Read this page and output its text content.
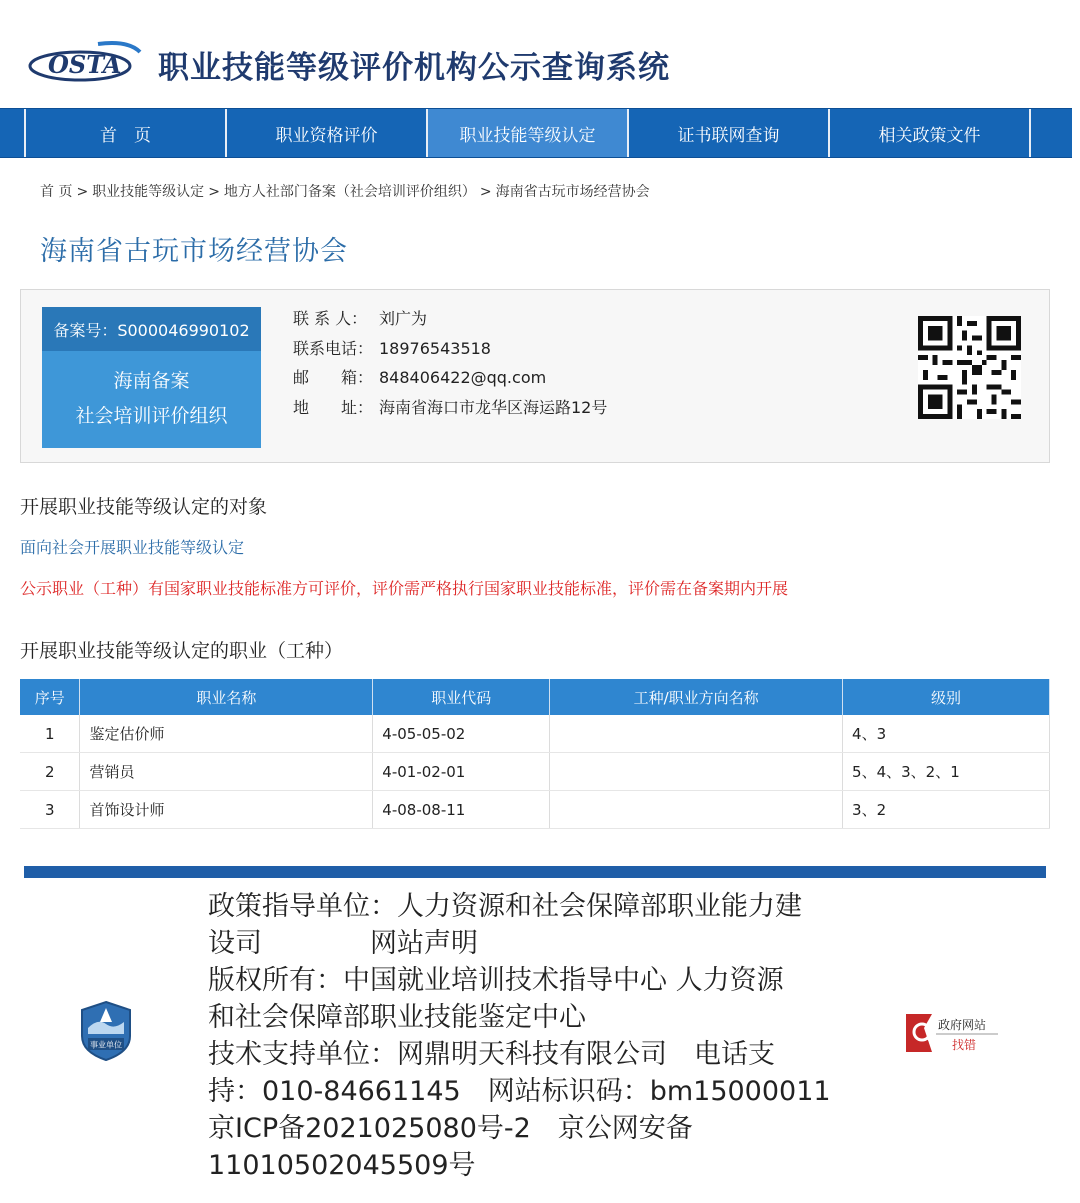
OSTA 职业技能等级评价机构公示查询系统
首　页	职业资格评价	职业技能等级认定	证书联网查询	相关政策文件
首 页 > 职业技能等级认定 > 地方人社部门备案（社会培训评价组织） > 海南省古玩市场经营协会
海南省古玩市场经营协会
备案号：S000046990102
海南备案
社会培训评价组织
联 系 人： 刘广为
联系电话： 18976543518
邮　　箱： 848406422@qq.com
地　　址： 海南省海口市龙华区海运路12号
开展职业技能等级认定的对象
面向社会开展职业技能等级认定
公示职业（工种）有国家职业技能标准方可评价，评价需严格执行国家职业技能标准，评价需在备案期内开展
开展职业技能等级认定的职业（工种）
序号	职业名称	职业代码	工种/职业方向名称	级别
1	鉴定估价师	4-05-05-02		4、3
2	营销员	4-01-02-01		5、4、3、2、1
3	首饰设计师	4-08-08-11		3、2
事业单位
政策指导单位：人力资源和社会保障部职业能力建
设司　　　　网站声明
版权所有：中国就业培训技术指导中心 人力资源
和社会保障部职业技能鉴定中心
技术支持单位：网鼎明天科技有限公司　电话支
持：010-84661145　网站标识码：bm15000011
京ICP备2021025080号-2　京公网安备
11010502045509号
政府网站
找错
